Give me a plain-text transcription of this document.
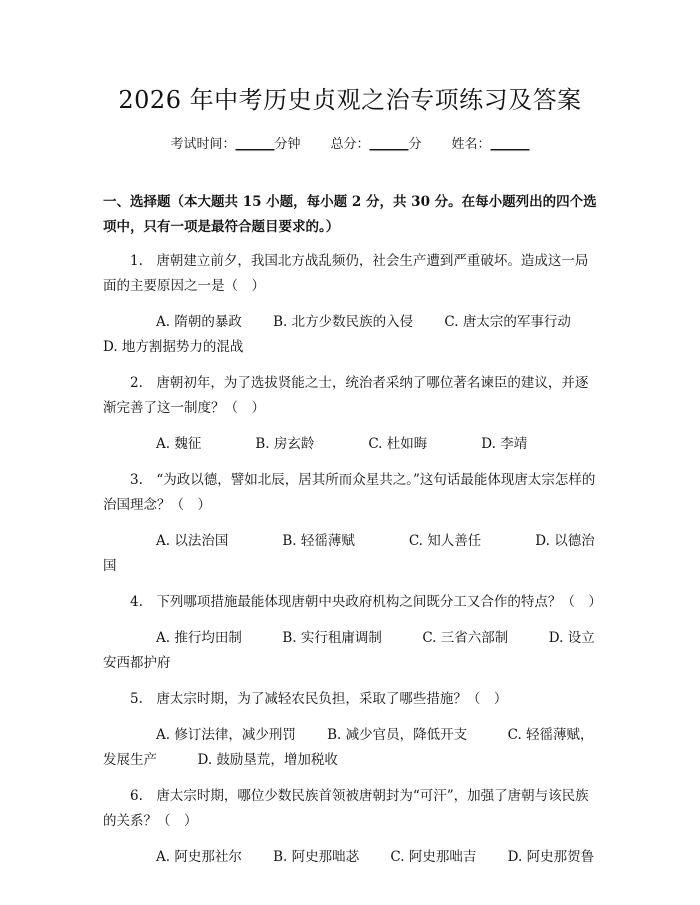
2026 年中考历史贞观之治专项练习及答案
考试时间：______分钟 总分：______分 姓名：______
一、选择题（本大题共 15 小题，每小题 2 分，共 30 分。在每小题列出的四个选项中，只有一项是最符合题目要求的。）
1.　唐朝建立前夕，我国北方战乱频仍，社会生产遭到严重破坏。造成这一局面的主要原因之一是（　）
A. 隋朝的暴政　　 B. 北方少数民族的入侵　　 C. 唐太宗的军事行动　 D. 地方割据势力的混战
2.　唐朝初年，为了选拔贤能之士，统治者采纳了哪位著名谏臣的建议，并逐渐完善了这一制度？（　）
A. 魏征　　　　B. 房玄龄　　　　C. 杜如晦　　　　D. 李靖
3.　“为政以德，譬如北辰，居其所而众星共之。”这句话最能体现唐太宗怎样的治国理念？（　）
A. 以法治国　　　　B. 轻徭薄赋　　　　C. 知人善任　　　　D. 以德治国
4.　下列哪项措施最能体现唐朝中央政府机构之间既分工又合作的特点？（　）
A. 推行均田制　　　B. 实行租庸调制　　　C. 三省六部制　　　D. 设立安西都护府
5.　唐太宗时期，为了减轻农民负担，采取了哪些措施？（　）
A. 修订法律，减少刑罚　　 B. 减少官员，降低开支　　　C. 轻徭薄赋，发展生产　　　D. 鼓励垦荒，增加税收
6.　唐太宗时期，哪位少数民族首领被唐朝封为“可汗”，加强了唐朝与该民族的关系？（　）
A. 阿史那社尔　　 B. 阿史那咄苾　　 C. 阿史那咄吉　　 D. 阿史那贺鲁
